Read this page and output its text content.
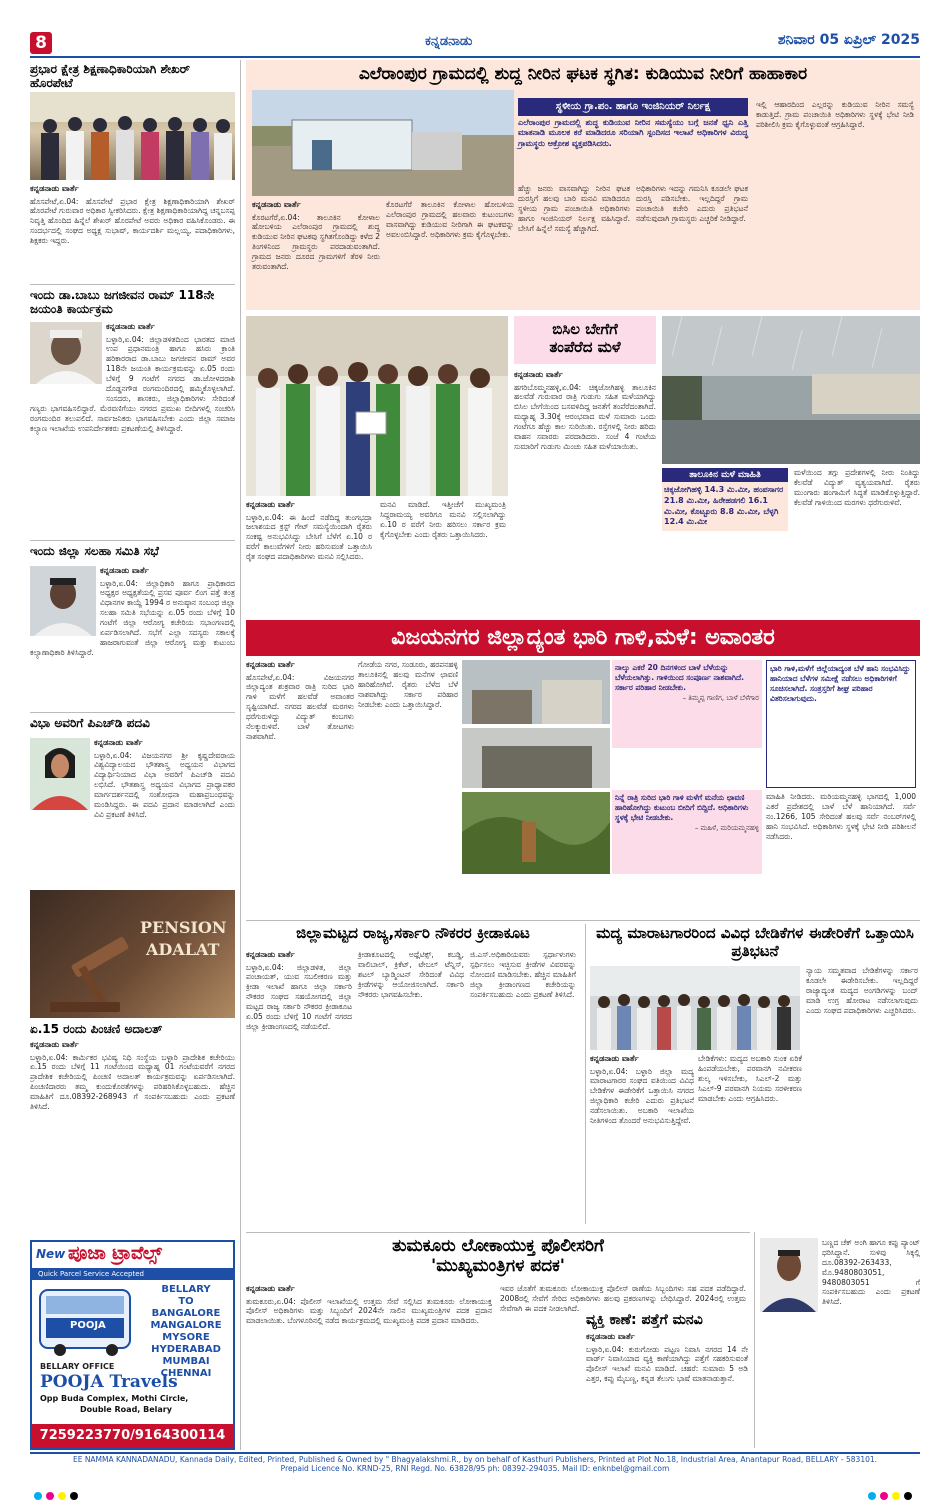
8	ಕನ್ನಡನಾಡು	ಶನಿವಾರ 05 ಏಪ್ರಿಲ್ 2025
ಪ್ರಭಾರ ಕ್ಷೇತ್ರ ಶಿಕ್ಷಣಾಧಿಕಾರಿಯಾಗಿ ಶೇಖರ್ ಹೊರಪೇಟೆ
ಕನ್ನಡನಾಡು ವಾರ್ತೆ
ಹೊಸಪೇಟೆ,ಏ.04: ಹೊಸಪೇಟೆ ಪ್ರಭಾರ ಕ್ಷೇತ್ರ ಶಿಕ್ಷಣಾಧಿಕಾರಿಯಾಗಿ ಶೇಖರ್ ಹೊರಪೇಟೆ ಗುರುವಾರ ಅಧಿಕಾರ ಸ್ವೀಕರಿಸಿದರು. ಕ್ಷೇತ್ರ ಶಿಕ್ಷಣಾಧಿಕಾರಿಯಾಗಿದ್ದ ಚನ್ನಬಸಪ್ಪ ನಿವೃತ್ತಿ ಹೊಂದಿದ ಹಿನ್ನೆಲೆ ಶೇಖರ್ ಹೊರಪೇಟೆ ಅವರು ಅಧಿಕಾರ ವಹಿಸಿಕೊಂಡರು. ಈ ಸಂದರ್ಭದಲ್ಲಿ ಸಂಘದ ಅಧ್ಯಕ್ಷ ಸುಭಾಷ್, ಕಾರ್ಯದರ್ಶಿ ಮಲ್ಲಯ್ಯ, ಪದಾಧಿಕಾರಿಗಳು, ಶಿಕ್ಷಕರು ಇದ್ದರು.
ಇಂದು ಡಾ.ಬಾಬು ಜಗಜೀವನ ರಾಮ್ 118ನೇ ಜಯಂತಿ ಕಾರ್ಯಕ್ರಮ
ಕನ್ನಡನಾಡು ವಾರ್ತೆ
ಬಳ್ಳಾರಿ,ಏ.04: ಜಿಲ್ಲಾಡಳಿತದಿಂದ ಭಾರತದ ಮಾಜಿ ಉಪ ಪ್ರಧಾನಮಂತ್ರಿ ಹಾಗೂ ಹಸಿರು ಕ್ರಾಂತಿ ಹರಿಕಾರರಾದ ಡಾ.ಬಾಬು ಜಗಜೀವನ ರಾಮ್ ಅವರ 118ನೇ ಜಯಂತಿ ಕಾರ್ಯಕ್ರಮವನ್ನು ಏ.05 ರಂದು ಬೆಳಿಗ್ಗೆ 9 ಗಂಟೆಗೆ ನಗರದ ಡಾ.ಜೋಳದರಾಶಿ ದೊಡ್ಡನಗೌಡ ರಂಗಮಂದಿರದಲ್ಲಿ ಹಮ್ಮಿಕೊಳ್ಳಲಾಗಿದೆ. ಸಂಸದರು, ಶಾಸಕರು, ಜಿಲ್ಲಾಧಿಕಾರಿಗಳು ಸೇರಿದಂತೆ ಗಣ್ಯರು ಭಾಗವಹಿಸಲಿದ್ದಾರೆ. ಮೆರವಣಿಗೆಯು ನಗರದ ಪ್ರಮುಖ ಬೀದಿಗಳಲ್ಲಿ ಸಂಚರಿಸಿ ರಂಗಮಂದಿರ ತಲುಪಲಿದೆ. ಸಾರ್ವಜನಿಕರು ಭಾಗವಹಿಸಬೇಕು ಎಂದು ಜಿಲ್ಲಾ ಸಮಾಜ ಕಲ್ಯಾಣ ಇಲಾಖೆಯ ಉಪನಿರ್ದೇಶಕರು ಪ್ರಕಟಣೆಯಲ್ಲಿ ತಿಳಿಸಿದ್ದಾರೆ.
ಇಂದು ಜಿಲ್ಲಾ ಸಲಹಾ ಸಮಿತಿ ಸಭೆ
ಕನ್ನಡನಾಡು ವಾರ್ತೆ
ಬಳ್ಳಾರಿ,ಏ.04: ಜಿಲ್ಲಾಧಿಕಾರಿ ಹಾಗೂ ಪ್ರಾಧಿಕಾರದ ಅಧ್ಯಕ್ಷರ ಅಧ್ಯಕ್ಷತೆಯಲ್ಲಿ ಪ್ರಸವ ಪೂರ್ವ ಲಿಂಗ ಪತ್ತೆ ತಂತ್ರ ವಿಧಾನಗಳ ಕಾಯ್ದೆ 1994 ರ ಅನುಷ್ಠಾನ ಸಂಬಂಧ ಜಿಲ್ಲಾ ಸಲಹಾ ಸಮಿತಿ ಸಭೆಯನ್ನು ಏ.05 ರಂದು ಬೆಳಿಗ್ಗೆ 10 ಗಂಟೆಗೆ ಜಿಲ್ಲಾ ಆರೋಗ್ಯ ಕಚೇರಿಯ ಸಭಾಂಗಣದಲ್ಲಿ ಏರ್ಪಡಿಸಲಾಗಿದೆ. ಸಭೆಗೆ ಎಲ್ಲಾ ಸದಸ್ಯರು ಸಕಾಲಕ್ಕೆ ಹಾಜರಾಗುವಂತೆ ಜಿಲ್ಲಾ ಆರೋಗ್ಯ ಮತ್ತು ಕುಟುಂಬ ಕಲ್ಯಾಣಾಧಿಕಾರಿ ತಿಳಿಸಿದ್ದಾರೆ.
ವಿಭಾ ಅವರಿಗೆ ಪಿಎಚ್‌ಡಿ ಪದವಿ
ಕನ್ನಡನಾಡು ವಾರ್ತೆ
ಬಳ್ಳಾರಿ,ಏ.04: ವಿಜಯನಗರ ಶ್ರೀ ಕೃಷ್ಣದೇವರಾಯ ವಿಶ್ವವಿದ್ಯಾಲಯದ ಭೌತಶಾಸ್ತ್ರ ಅಧ್ಯಯನ ವಿಭಾಗದ ವಿದ್ಯಾರ್ಥಿನಿಯಾದ ವಿಭಾ ಅವರಿಗೆ ಪಿಎಚ್‌ಡಿ ಪದವಿ ಲಭಿಸಿದೆ. ಭೌತಶಾಸ್ತ್ರ ಅಧ್ಯಯನ ವಿಭಾಗದ ಪ್ರಾಧ್ಯಾಪಕರ ಮಾರ್ಗದರ್ಶನದಲ್ಲಿ ಸಂಶೋಧನಾ ಮಹಾಪ್ರಬಂಧವನ್ನು ಮಂಡಿಸಿದ್ದರು. ಈ ಪದವಿ ಪ್ರದಾನ ಮಾಡಲಾಗಿದೆ ಎಂದು ವಿವಿ ಪ್ರಕಟಣೆ ತಿಳಿಸಿದೆ.
PENSION
ADALAT
ಏ.15 ರಂದು ಪಿಂಚಣಿ ಅದಾಲತ್
ಕನ್ನಡನಾಡು ವಾರ್ತೆ
ಬಳ್ಳಾರಿ,ಏ.04: ಕಾರ್ಮಿಕರ ಭವಿಷ್ಯ ನಿಧಿ ಸಂಸ್ಥೆಯ ಬಳ್ಳಾರಿ ಪ್ರಾದೇಶಿಕ ಕಚೇರಿಯು ಏ.15 ರಂದು ಬೆಳಿಗ್ಗೆ 11 ಗಂಟೆಯಿಂದ ಮಧ್ಯಾಹ್ನ 01 ಗಂಟೆಯವರೆಗೆ ನಗರದ ಪ್ರಾದೇಶಿಕ ಕಚೇರಿಯಲ್ಲಿ ಪಿಂಚಣಿ ಅದಾಲತ್ ಕಾರ್ಯಕ್ರಮವನ್ನು ಏರ್ಪಡಿಸಲಾಗಿದೆ. ಪಿಂಚಣಿದಾರರು ತಮ್ಮ ಕುಂದುಕೊರತೆಗಳನ್ನು ಪರಿಹರಿಸಿಕೊಳ್ಳಬಹುದು. ಹೆಚ್ಚಿನ ಮಾಹಿತಿಗೆ ದೂ.08392-268943 ಗೆ ಸಂಪರ್ಕಿಸಬಹುದು ಎಂದು ಪ್ರಕಟಣೆ ತಿಳಿಸಿದೆ.
New ಪೂಜಾ ಟ್ರಾವೆಲ್ಸ್
Quick Parcel Service Accepted
POOJA
BELLARY
TO
BANGALORE
MANGALORE
MYSORE
HYDERABAD
MUMBAI
CHENNAI
BELLARY OFFICE
POOJA Travels
Opp Buda Complex, Mothi Circle,
Double Road, Belary
7259223770/9164300114
ಎಲೆರಾಂಪುರ ಗ್ರಾಮದಲ್ಲಿ ಶುದ್ದ ನೀರಿನ ಘಟಕ ಸ್ಥಗಿತ: ಕುಡಿಯುವ ನೀರಿಗೆ ಹಾಹಾಕಾರ
ಸ್ಥಳೀಯ ಗ್ರಾ.ಪಂ. ಹಾಗೂ ಇಂಜಿನಿಯರ್ ನಿರ್ಲಕ್ಷ
ಎಲೆರಾಂಪುರ ಗ್ರಾಮದಲ್ಲಿ ಶುದ್ಧ ಕುಡಿಯುವ ನೀರಿನ ಸಮಸ್ಯೆಯು ಬಗ್ಗೆ ಜನತೆ ಧ್ವನಿ ಎತ್ತಿ ಮಾತನಾಡಿ ಮೂಲಕ ಕರೆ ಮಾಡಿದರೂ ಸರಿಯಾಗಿ ಸ್ಪಂದಿಸದ ಇಲಾಖೆ ಅಧಿಕಾರಿಗಳ ವಿರುದ್ಧ ಗ್ರಾಮಸ್ಥರು ಆಕ್ರೋಶ ವ್ಯಕ್ತಪಡಿಸಿದರು.
ಕನ್ನಡನಾಡು ವಾರ್ತೆ
ಕೊರಟಗೆರೆ,ಏ.04: ತಾಲೂಕಿನ ಕೋಳಾಲ ಹೋಬಳಿಯ ಎಲೆರಾಂಪುರ ಗ್ರಾಮದಲ್ಲಿ ಶುದ್ಧ ಕುಡಿಯುವ ನೀರಿನ ಘಟಕವು ಸ್ಥಗಿತಗೊಂಡಿದ್ದು ಕಳೆದ 2 ತಿಂಗಳಿನಿಂದ ಗ್ರಾಮಸ್ಥರು ಪರದಾಡುವಂತಾಗಿದೆ. ಗ್ರಾಮದ ಜನರು ದೂರದ ಗ್ರಾಮಗಳಿಗೆ ತೆರಳಿ ನೀರು ತರುವಂತಾಗಿದೆ.
ಕೊರಟಗೆರೆ ತಾಲೂಕಿನ ಕೋಳಾಲ ಹೋಬಳಿಯ ಎಲೆರಾಂಪುರ ಗ್ರಾಮದಲ್ಲಿ ಹಲವಾರು ಕುಟುಂಬಗಳು ವಾಸವಾಗಿದ್ದು ಕುಡಿಯುವ ನೀರಿಗಾಗಿ ಈ ಘಟಕವನ್ನು ಅವಲಂಬಿಸಿದ್ದಾರೆ. ಅಧಿಕಾರಿಗಳು ಕ್ರಮ ಕೈಗೊಳ್ಳಬೇಕು.
ಹೆಚ್ಚು ಜನರು ವಾಸವಾಗಿದ್ದು ನೀರಿನ ಘಟಕ ದುರಸ್ತಿಗೆ ಹಲವು ಬಾರಿ ಮನವಿ ಮಾಡಿದರೂ ಸ್ಥಳೀಯ ಗ್ರಾಮ ಪಂಚಾಯಿತಿ ಅಧಿಕಾರಿಗಳು ಹಾಗೂ ಇಂಜಿನಿಯರ್ ನಿರ್ಲಕ್ಷ ವಹಿಸಿದ್ದಾರೆ. ಬೇಸಿಗೆ ಹಿನ್ನೆಲೆ ಸಮಸ್ಯೆ ಹೆಚ್ಚಾಗಿದೆ.
ಅಧಿಕಾರಿಗಳು ಇದನ್ನು ಗಮನಿಸಿ ಕೂಡಲೇ ಘಟಕ ದುರಸ್ತಿ ಪಡಿಸಬೇಕು. ಇಲ್ಲದಿದ್ದರೆ ಗ್ರಾಮ ಪಂಚಾಯಿತಿ ಕಚೇರಿ ಎದುರು ಪ್ರತಿಭಟನೆ ನಡೆಸುವುದಾಗಿ ಗ್ರಾಮಸ್ಥರು ಎಚ್ಚರಿಕೆ ನೀಡಿದ್ದಾರೆ.
ಇಲ್ಲಿ ಆಹಾರದಿಂದ ಎಲ್ಲರನ್ನು ಕುಡಿಯುವ ನೀರಿನ ಸಮಸ್ಯೆ ಕಾಡುತ್ತಿದೆ. ಗ್ರಾಮ ಪಂಚಾಯಿತಿ ಅಧಿಕಾರಿಗಳು ಸ್ಥಳಕ್ಕೆ ಭೇಟಿ ನೀಡಿ ಪರಿಶೀಲಿಸಿ ಕ್ರಮ ಕೈಗೊಳ್ಳುವಂತೆ ಆಗ್ರಹಿಸಿದ್ದಾರೆ.
ಕನ್ನಡನಾಡು ವಾರ್ತೆ
ಬಳ್ಳಾರಿ,ಏ.04: ಈ ಹಿಂದೆ ನಡೆದಿದ್ದ ತುಂಗಭದ್ರಾ ಜಲಾಶಯದ ಕ್ರಸ್ಟ್ ಗೇಟ್ ಸಮಸ್ಯೆಯಿಂದಾಗಿ ರೈತರು ಸಂಕಷ್ಟ ಅನುಭವಿಸಿದ್ದು ಬೇಸಿಗೆ ಬೆಳೆಗೆ ಏ.10 ರ ವರೆಗೆ ಕಾಲುವೆಗಳಿಗೆ ನೀರು ಹರಿಸುವಂತೆ ಒತ್ತಾಯಿಸಿ ರೈತ ಸಂಘದ ಪದಾಧಿಕಾರಿಗಳು ಮನವಿ ಸಲ್ಲಿಸಿದರು.
ಮನವಿ ಮಾಡಿದೆ. ಇತ್ತೀಚೆಗೆ ಮುಖ್ಯಮಂತ್ರಿ ಸಿದ್ದರಾಮಯ್ಯ ಅವರಿಗೂ ಮನವಿ ಸಲ್ಲಿಸಲಾಗಿದ್ದು ಏ.10 ರ ವರೆಗೆ ನೀರು ಹರಿಸಲು ಸರ್ಕಾರ ಕ್ರಮ ಕೈಗೊಳ್ಳಬೇಕು ಎಂದು ರೈತರು ಒತ್ತಾಯಿಸಿದರು.
ಬಿಸಿಲ ಬೇಗೆಗೆ
ತಂಪೆರೆದ ಮಳೆ
ಕನ್ನಡನಾಡು ವಾರ್ತೆ
ಹಗರಿಬೊಮ್ಮನಹಳ್ಳಿ,ಏ.04: ಚಿಕ್ಕಜೋಗಿಹಳ್ಳಿ ತಾಲೂಕಿನ ಹಲವೆಡೆ ಗುರುವಾರ ರಾತ್ರಿ ಗುಡುಗು ಸಹಿತ ಮಳೆಯಾಗಿದ್ದು ಬಿಸಿಲ ಬೇಗೆಯಿಂದ ಬಸವಳಿದಿದ್ದ ಜನತೆಗೆ ತಂಪೆರೆದಂತಾಗಿದೆ. ಮಧ್ಯಾಹ್ನ 3.30ಕ್ಕೆ ಆರಂಭವಾದ ಮಳೆ ಸುಮಾರು ಒಂದು ಗಂಟೆಗೂ ಹೆಚ್ಚು ಕಾಲ ಸುರಿಯಿತು. ರಸ್ತೆಗಳಲ್ಲಿ ನೀರು ಹರಿದು ವಾಹನ ಸವಾರರು ಪರದಾಡಿದರು. ಸಂಜೆ 4 ಗಂಟೆಯ ಸುಮಾರಿಗೆ ಗುಡುಗು ಮಿಂಚು ಸಹಿತ ಮಳೆಯಾಯಿತು.
ತಾಲೂಕಿನ ಮಳೆ ಮಾಹಿತಿ
ಚಿಕ್ಕಜೋಗಿಹಳ್ಳಿ 14.3 ಮಿ.ಮೀ, ಹಂಪಸಾಗರ 21.8 ಮಿ.ಮೀ, ಹಿರೇಹಡಗಲಿ 16.1 ಮಿ.ಮೀ, ಕೊಟ್ಟೂರು 8.8 ಮಿ.ಮೀ, ಬೆಳ್ಳಗಿ 12.4 ಮಿ.ಮೀ
ಮಳೆಯಿಂದ ತಗ್ಗು ಪ್ರದೇಶಗಳಲ್ಲಿ ನೀರು ನಿಂತಿದ್ದು ಕೆಲವೆಡೆ ವಿದ್ಯುತ್ ವ್ಯತ್ಯಯವಾಗಿದೆ. ರೈತರು ಮುಂಗಾರು ಹಂಗಾಮಿಗೆ ಸಿದ್ಧತೆ ಮಾಡಿಕೊಳ್ಳುತ್ತಿದ್ದಾರೆ. ಕೆಲವೆಡೆ ಗಾಳಿಯಿಂದ ಮರಗಳು ಧರೆಗುರುಳಿವೆ.
ವಿಜಯನಗರ ಜಿಲ್ಲಾದ್ಯಂತ ಭಾರಿ ಗಾಳಿ,ಮಳೆ: ಅವಾಂತರ
ಕನ್ನಡನಾಡು ವಾರ್ತೆ
ಹೊಸಪೇಟೆ,ಏ.04: ವಿಜಯನಗರ ಜಿಲ್ಲಾದ್ಯಂತ ಶುಕ್ರವಾರ ರಾತ್ರಿ ಸುರಿದ ಭಾರಿ ಗಾಳಿ ಮಳೆಗೆ ಹಲವೆಡೆ ಅವಾಂತರ ಸೃಷ್ಟಿಯಾಗಿದೆ. ನಗರದ ಹಲವೆಡೆ ಮರಗಳು ಧರೆಗುರುಳಿದ್ದು ವಿದ್ಯುತ್ ಕಂಬಗಳು ನೆಲಕ್ಕುರುಳಿವೆ. ಬಾಳೆ ತೋಟಗಳು ನಾಶವಾಗಿವೆ.
ಗೋಡೆಯ ನಗರ, ಸಂಡೂರು, ಹರಪನಹಳ್ಳಿ ತಾಲೂಕಿನಲ್ಲಿ ಹಲವು ಮನೆಗಳ ಛಾವಣಿ ಹಾರಿಹೋಗಿವೆ. ರೈತರು ಬೆಳೆದ ಬೆಳೆ ನಾಶವಾಗಿದ್ದು ಸರ್ಕಾರ ಪರಿಹಾರ ನೀಡಬೇಕು ಎಂದು ಒತ್ತಾಯಿಸಿದ್ದಾರೆ.
ನಾಲ್ಕು ಎಕರೆ 20 ದಿನಗಳಿಂದ ಬಾಳೆ ಬೆಳೆಯನ್ನು ಬೆಳೆಯಲಾಗಿತ್ತು. ಗಾಳಿಯಿಂದ ಸಂಪೂರ್ಣ ನಾಶವಾಗಿದೆ. ಸರ್ಕಾರ ಪರಿಹಾರ ನೀಡಬೇಕು.
– ತಿಮ್ಮಪ್ಪ ಗಾಣಿಗ, ಬಾಳೆ ಬೆಳೆಗಾರ
ನಿನ್ನೆ ರಾತ್ರಿ ಸುರಿದ ಭಾರಿ ಗಾಳಿ ಮಳೆಗೆ ಮನೆಯ ಛಾವಣಿ ಹಾರಿಹೋಗಿದ್ದು ಕುಟುಂಬ ಬೀದಿಗೆ ಬಿದ್ದಿದೆ. ಅಧಿಕಾರಿಗಳು ಸ್ಥಳಕ್ಕೆ ಭೇಟಿ ನೀಡಬೇಕು.
– ಮಹಿಳೆ, ಮರಿಯಮ್ಮನಹಳ್ಳಿ
ಭಾರಿ ಗಾಳಿ,ಮಳೆಗೆ ಜಿಲ್ಲೆಯಾದ್ಯಂತ ಬೆಳೆ ಹಾನಿ ಸಂಭವಿಸಿದ್ದು ಹಾನಿಯಾದ ಬೆಳೆಗಳ ಸಮೀಕ್ಷೆ ನಡೆಸಲು ಅಧಿಕಾರಿಗಳಿಗೆ ಸೂಚಿಸಲಾಗಿದೆ. ಸಂತ್ರಸ್ತರಿಗೆ ಶೀಘ್ರ ಪರಿಹಾರ ವಿತರಿಸಲಾಗುವುದು.
ಮಾಹಿತಿ ನೀಡಿದರು. ಮರಿಯಮ್ಮನಹಳ್ಳಿ ಭಾಗದಲ್ಲಿ 1,000 ಎಕರೆ ಪ್ರದೇಶದಲ್ಲಿ ಬಾಳೆ ಬೆಳೆ ಹಾನಿಯಾಗಿದೆ. ಸರ್ವೆ ನಂ.1266, 105 ಸೇರಿದಂತೆ ಹಲವು ಸರ್ವೆ ನಂಬರ್‌ಗಳಲ್ಲಿ ಹಾನಿ ಸಂಭವಿಸಿದೆ. ಅಧಿಕಾರಿಗಳು ಸ್ಥಳಕ್ಕೆ ಭೇಟಿ ನೀಡಿ ಪರಿಶೀಲನೆ ನಡೆಸಿದರು.
ಜಿಲ್ಲಾಮಟ್ಟದ ರಾಜ್ಯ,ಸರ್ಕಾರಿ ನೌಕರರ ಕ್ರೀಡಾಕೂಟ
ಕನ್ನಡನಾಡು ವಾರ್ತೆ
ಬಳ್ಳಾರಿ,ಏ.04: ಜಿಲ್ಲಾಡಳಿತ, ಜಿಲ್ಲಾ ಪಂಚಾಯತ್, ಯುವ ಸಬಲೀಕರಣ ಮತ್ತು ಕ್ರೀಡಾ ಇಲಾಖೆ ಹಾಗೂ ಜಿಲ್ಲಾ ಸರ್ಕಾರಿ ನೌಕರರ ಸಂಘದ ಸಹಯೋಗದಲ್ಲಿ ಜಿಲ್ಲಾ ಮಟ್ಟದ ರಾಜ್ಯ ಸರ್ಕಾರಿ ನೌಕರರ ಕ್ರೀಡಾಕೂಟ ಏ.05 ರಂದು ಬೆಳಿಗ್ಗೆ 10 ಗಂಟೆಗೆ ನಗರದ ಜಿಲ್ಲಾ ಕ್ರೀಡಾಂಗಣದಲ್ಲಿ ನಡೆಯಲಿದೆ.
ಕ್ರೀಡಾಕೂಟದಲ್ಲಿ ಅಥ್ಲೆಟಿಕ್ಸ್, ಕಬಡ್ಡಿ, ವಾಲಿಬಾಲ್, ಕ್ರಿಕೆಟ್, ಟೇಬಲ್ ಟೆನ್ನಿಸ್, ಶಟಲ್ ಬ್ಯಾಡ್ಮಿಂಟನ್ ಸೇರಿದಂತೆ ವಿವಿಧ ಕ್ರೀಡೆಗಳನ್ನು ಆಯೋಜಿಸಲಾಗಿದೆ. ಸರ್ಕಾರಿ ನೌಕರರು ಭಾಗವಹಿಸಬೇಕು.
ಜಿ.ಎಸ್.ಅಧಿಕಾರಿಯವರು ಸ್ಪರ್ಧಾಳುಗಳು ಸ್ಪರ್ಧಿಸಲು ಇಚ್ಛಿಸುವ ಕ್ರೀಡೆಗಳ ವಿವರವನ್ನು ನೋಂದಣಿ ಮಾಡಿಸಬೇಕು. ಹೆಚ್ಚಿನ ಮಾಹಿತಿಗೆ ಜಿಲ್ಲಾ ಕ್ರೀಡಾಂಗಣದ ಕಚೇರಿಯನ್ನು ಸಂಪರ್ಕಿಸಬಹುದು ಎಂದು ಪ್ರಕಟಣೆ ತಿಳಿಸಿದೆ.
ಮದ್ಯ ಮಾರಾಟಗಾರರಿಂದ ವಿವಿಧ ಬೇಡಿಕೆಗಳ ಈಡೇರಿಕೆಗೆ ಒತ್ತಾಯಿಸಿ ಪ್ರತಿಭಟನೆ
ನ್ಯಾಯ ಸಮ್ಮತವಾದ ಬೇಡಿಕೆಗಳನ್ನು ಸರ್ಕಾರ ಕೂಡಲೇ ಈಡೇರಿಸಬೇಕು. ಇಲ್ಲದಿದ್ದರೆ ರಾಜ್ಯಾದ್ಯಂತ ಮದ್ಯದ ಅಂಗಡಿಗಳನ್ನು ಬಂದ್ ಮಾಡಿ ಉಗ್ರ ಹೋರಾಟ ನಡೆಸಲಾಗುವುದು ಎಂದು ಸಂಘದ ಪದಾಧಿಕಾರಿಗಳು ಎಚ್ಚರಿಸಿದರು.
ಕನ್ನಡನಾಡು ವಾರ್ತೆ
ಬಳ್ಳಾರಿ,ಏ.04: ಬಳ್ಳಾರಿ ಜಿಲ್ಲಾ ಮದ್ಯ ಮಾರಾಟಗಾರರ ಸಂಘದ ವತಿಯಿಂದ ವಿವಿಧ ಬೇಡಿಕೆಗಳ ಈಡೇರಿಕೆಗೆ ಒತ್ತಾಯಿಸಿ ನಗರದ ಜಿಲ್ಲಾಧಿಕಾರಿ ಕಚೇರಿ ಎದುರು ಪ್ರತಿಭಟನೆ ನಡೆಸಲಾಯಿತು. ಅಬಕಾರಿ ಇಲಾಖೆಯ ನೀತಿಗಳಿಂದ ತೊಂದರೆ ಅನುಭವಿಸುತ್ತಿದ್ದೇವೆ.
ಬೇಡಿಕೆಗಳು: ಮದ್ಯದ ಅಬಕಾರಿ ಸುಂಕ ಏರಿಕೆ ಹಿಂಪಡೆಯಬೇಕು, ಪರವಾನಗಿ ನವೀಕರಣ ಶುಲ್ಕ ಇಳಿಸಬೇಕು, ಸಿಎಲ್-2 ಮತ್ತು ಸಿಎಲ್-9 ಪರವಾನಗಿ ನಿಯಮ ಸರಳೀಕರಣ ಮಾಡಬೇಕು ಎಂದು ಆಗ್ರಹಿಸಿದರು.
ತುಮಕೂರು ಲೋಕಾಯುಕ್ತ ಪೊಲೀಸರಿಗೆ
'ಮುಖ್ಯಮಂತ್ರಿಗಳ ಪದಕ'
ಕನ್ನಡನಾಡು ವಾರ್ತೆ
ತುಮಕೂರು,ಏ.04: ಪೊಲೀಸ್ ಇಲಾಖೆಯಲ್ಲಿ ಉತ್ತಮ ಸೇವೆ ಸಲ್ಲಿಸಿದ ತುಮಕೂರು ಲೋಕಾಯುಕ್ತ ಪೊಲೀಸ್ ಅಧಿಕಾರಿಗಳು ಮತ್ತು ಸಿಬ್ಬಂದಿಗೆ 2024ನೇ ಸಾಲಿನ ಮುಖ್ಯಮಂತ್ರಿಗಳ ಪದಕ ಪ್ರದಾನ ಮಾಡಲಾಯಿತು. ಬೆಂಗಳೂರಿನಲ್ಲಿ ನಡೆದ ಕಾರ್ಯಕ್ರಮದಲ್ಲಿ ಮುಖ್ಯಮಂತ್ರಿ ಪದಕ ಪ್ರದಾನ ಮಾಡಿದರು.
ಇವರ ಜೊತೆಗೆ ತುಮಕೂರು ಲೋಕಾಯುಕ್ತ ಪೊಲೀಸ್ ಠಾಣೆಯ ಸಿಬ್ಬಂದಿಗಳು ಸಹ ಪದಕ ಪಡೆದಿದ್ದಾರೆ. 2008ರಲ್ಲಿ ಸೇವೆಗೆ ಸೇರಿದ ಅಧಿಕಾರಿಗಳು ಹಲವು ಪ್ರಕರಣಗಳನ್ನು ಬೇಧಿಸಿದ್ದಾರೆ. 2024ರಲ್ಲಿ ಉತ್ತಮ ಸೇವೆಗಾಗಿ ಈ ಪದಕ ನೀಡಲಾಗಿದೆ.
ವ್ಯಕ್ತಿ ಕಾಣೆ: ಪತ್ತೆಗೆ ಮನವಿ
ಕನ್ನಡನಾಡು ವಾರ್ತೆ
ಬಳ್ಳಾರಿ,ಏ.04: ಕುರುಗೋಡು ಪಟ್ಟಣ ನಿವಾಸಿ ನಗರದ 14 ನೇ ವಾರ್ಡ್ ನಿವಾಸಿಯಾದ ವ್ಯಕ್ತಿ ಕಾಣೆಯಾಗಿದ್ದು ಪತ್ತೆಗೆ ಸಹಕರಿಸುವಂತೆ ಪೊಲೀಸ್ ಇಲಾಖೆ ಮನವಿ ಮಾಡಿದೆ. ಚಹರೆ: ಸುಮಾರು 5 ಅಡಿ ಎತ್ತರ, ಕಪ್ಪು ಮೈಬಣ್ಣ, ಕನ್ನಡ ತೆಲುಗು ಭಾಷೆ ಮಾತನಾಡುತ್ತಾನೆ.
ಬಣ್ಣದ ಚೆಕ್ ಅಂಗಿ ಹಾಗೂ ಕಪ್ಪು ಪ್ಯಾಂಟ್ ಧರಿಸಿದ್ದಾನೆ. ಸುಳಿವು ಸಿಕ್ಕಲ್ಲಿ ದೂ.08392-263433, ಮೊ.9480803051, 9480803051 ಗೆ ಸಂಪರ್ಕಿಸಬಹುದು ಎಂದು ಪ್ರಕಟಣೆ ತಿಳಿಸಿದೆ.
EE NAMMA KANNADANADU, Kannada Daily, Edited, Printed, Published & Owned by " Bhagyalakshmi.R., by on behalf of Kasthuri Publishers, Printed at Plot No.18, Industrial Area, Anantapur Road, BELLARY - 583101.
Prepaid Licence No. KRND-25, RNI Regd. No. 63828/95 ph: 08392-294035. Mail ID: enknbel@gmail.com
